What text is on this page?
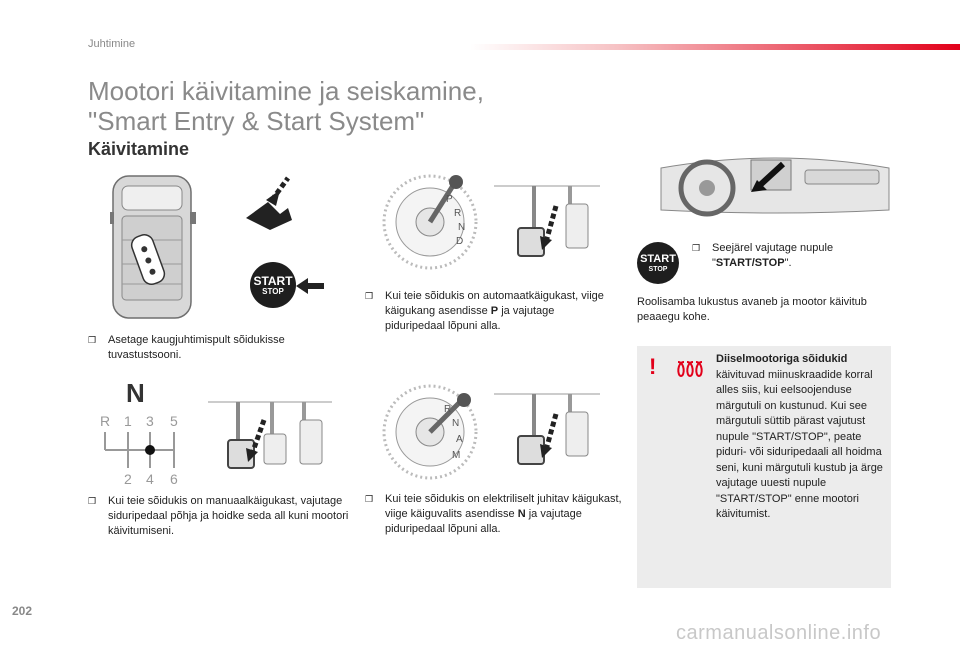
Juhtimine
Mootori käivitamine ja seiskamine,
"Smart Entry & Start System"
Käivitamine
START
STOP
❒	Asetage kaugjuhtimispult sõidukisse tuvastustsooni.
P
R
N
D
❒	Kui teie sõidukis on automaatkäigukast, viige käigukang asendisse P ja vajutage piduripedaal lõpuni alla.
START
STOP
❒	Seejärel vajutage nupule "START/STOP".
Roolisamba lukustus avaneb ja mootor käivitub peaaegu kohe.
!	Diiselmootoriga sõidukid
käivituvad miinuskraadide korral alles siis, kui eelsoojenduse märgutuli on kustunud. Kui see märgutuli süttib pärast vajutust nupule "START/STOP", peate piduri- või siduripedaali all hoidma seni, kuni märgutuli kustub ja ärge vajutage uuesti nupule "START/STOP" enne mootori käivitumist.
N
R 1 3 5
2 4 6
R
N
A
M
❒	Kui teie sõidukis on manuaalkäigukast, vajutage siduripedaal põhja ja hoidke seda all kuni mootori käivitumiseni.
❒	Kui teie sõidukis on elektriliselt juhitav käigukast, viige käiguvalits asendisse N ja vajutage piduripedaal lõpuni alla.
202
carmanualsonline.info
